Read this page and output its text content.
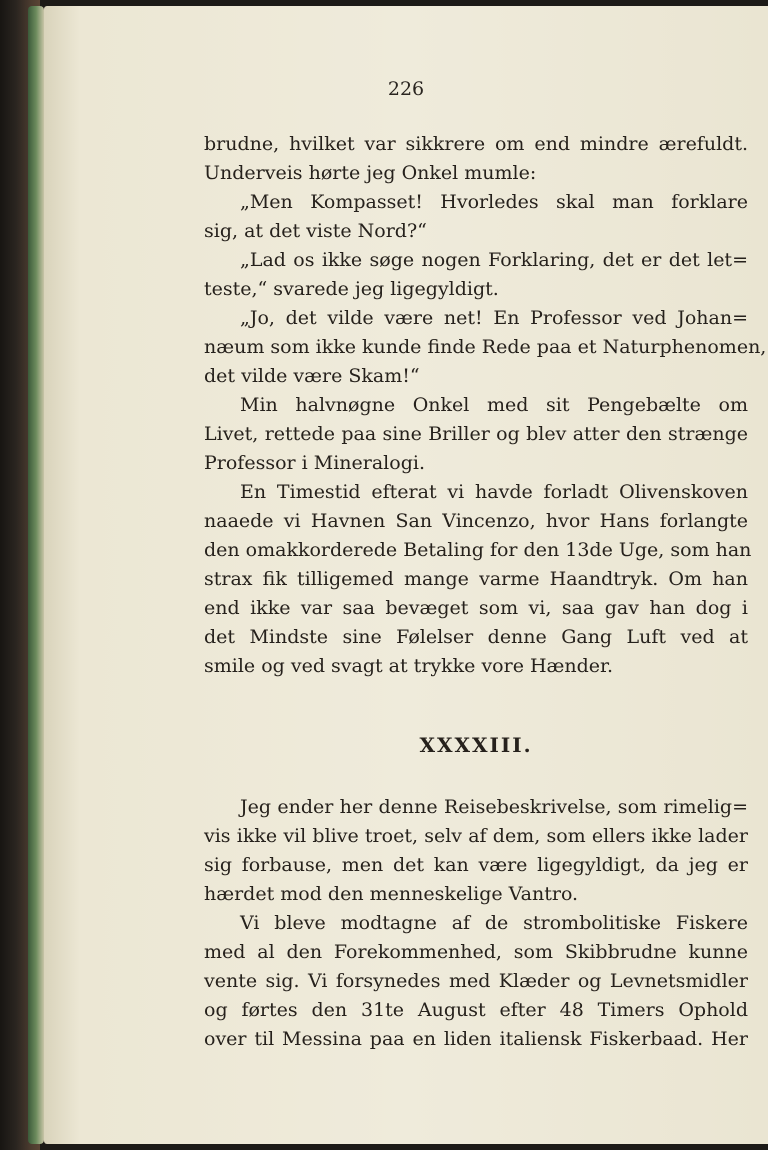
226
brudne, hvilket var sikkrere om end mindre ærefuldt.
Underveis hørte jeg Onkel mumle:
„Men Kompasset! Hvorledes skal man forklare
sig, at det viste Nord?“
„Lad os ikke søge nogen Forklaring, det er det let=
teste,“ svarede jeg ligegyldigt.
„Jo, det vilde være net! En Professor ved Johan=
næum som ikke kunde finde Rede paa et Naturphenomen,
det vilde være Skam!“
Min halvnøgne Onkel med sit Pengebælte om
Livet, rettede paa sine Briller og blev atter den strænge
Professor i Mineralogi.
En Timestid efterat vi havde forladt Olivenskoven
naaede vi Havnen San Vincenzo, hvor Hans forlangte
den omakkorderede Betaling for den 13de Uge, som han
strax fik tilligemed mange varme Haandtryk. Om han
end ikke var saa bevæget som vi, saa gav han dog i
det Mindste sine Følelser denne Gang Luft ved at
smile og ved svagt at trykke vore Hænder.
XXXXIII.
Jeg ender her denne Reisebeskrivelse, som rimelig=
vis ikke vil blive troet, selv af dem, som ellers ikke lader
sig forbause, men det kan være ligegyldigt, da jeg er
hærdet mod den menneskelige Vantro.
Vi bleve modtagne af de strombolitiske Fiskere
med al den Forekommenhed, som Skibbrudne kunne
vente sig. Vi forsynedes med Klæder og Levnetsmidler
og førtes den 31te August efter 48 Timers Ophold
over til Messina paa en liden italiensk Fiskerbaad. Her
